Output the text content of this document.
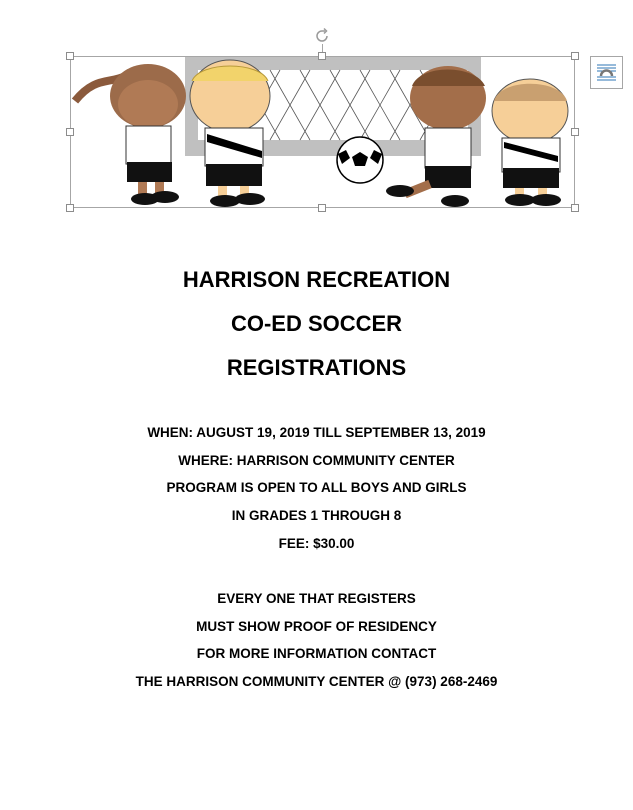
HARRISON RECREATION
CO-ED SOCCER
REGISTRATIONS
WHEN: AUGUST 19, 2019 TILL SEPTEMBER 13, 2019
WHERE: HARRISON COMMUNITY CENTER
PROGRAM IS OPEN TO ALL BOYS AND GIRLS
IN GRADES 1 THROUGH 8
FEE: $30.00
EVERY ONE THAT REGISTERS
MUST SHOW PROOF OF RESIDENCY
FOR MORE INFORMATION CONTACT
THE HARRISON COMMUNITY CENTER @ (973) 268-2469
